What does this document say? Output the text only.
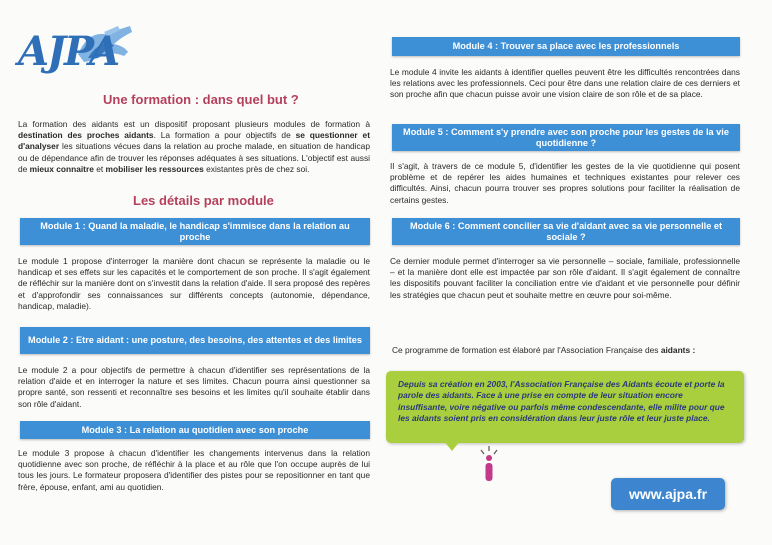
AJPA
Une formation : dans quel but ?
La formation des aidants est un dispositif proposant plusieurs modules de formation à destination des proches aidants. La formation a pour objectifs de se questionner et d'analyser les situations vécues dans la relation au proche malade, en situation de handicap ou de dépendance afin de trouver les réponses adéquates à ses situations. L'objectif est aussi de mieux connaitre et mobiliser les ressources existantes près de chez soi.
Les détails par module
Module 1 : Quand la maladie, le handicap s'immisce dans la relation au proche
Le module 1 propose d'interroger la manière dont chacun se représente la maladie ou le handicap et ses effets sur les capacités et le comportement de son proche. Il s'agit également de réfléchir sur la manière dont on s'investit dans la relation d'aide. Il sera proposé des repères et d'approfondir ses connaissances sur différents concepts (autonomie, dépendance, handicap, maladie).
Module 2 : Etre aidant : une posture, des besoins, des attentes et des limites
Le module 2 a pour objectifs de permettre à chacun d'identifier ses représentations de la relation d'aide et en interroger la nature et ses limites. Chacun pourra ainsi questionner sa propre santé, son ressenti et reconnaître ses besoins et les limites qu'il souhaite établir dans son rôle d'aidant.
Module 3 : La relation au quotidien avec son proche
Le module 3 propose à chacun d'identifier les changements intervenus dans la relation quotidienne avec son proche, de réfléchir à la place et au rôle que l'on occupe auprès de lui tous les jours. Le formateur proposera d'identifier des pistes pour se repositionner en tant que frère, épouse, enfant, ami au quotidien.
Module 4 : Trouver sa place avec les professionnels
Le module 4 invite les aidants à identifier quelles peuvent être les difficultés rencontrées dans les relations avec les professionnels. Ceci pour être dans une relation claire de ces derniers et son proche afin que chacun puisse avoir une vision claire de son rôle et de sa place.
Module 5 : Comment s'y prendre avec son proche pour les gestes de la vie quotidienne ?
Il s'agit, à travers de ce module 5, d'identifier les gestes de la vie quotidienne qui posent problème et de repérer les aides humaines et techniques existantes pour relever ces difficultés. Ainsi, chacun pourra trouver ses propres solutions pour faciliter la réalisation de certains gestes.
Module 6 : Comment concilier sa vie d'aidant avec sa vie personnelle et sociale ?
Ce dernier module permet d'interroger sa vie personnelle – sociale, familiale, professionnelle – et la manière dont elle est impactée par son rôle d'aidant. Il s'agit également de connaître les dispositifs pouvant faciliter la conciliation entre vie d'aidant et vie personnelle pour définir les stratégies que chacun peut et souhaite mettre en œuvre pour soi-même.
Ce programme de formation est élaboré par l'Association Française des aidants :
Depuis sa création en 2003, l'Association Française des Aidants écoute et porte la parole des aidants. Face à une prise en compte de leur situation encore insuffisante, voire négative ou parfois même condescendante, elle milite pour que les aidants soient pris en considération dans leur juste rôle et leur juste place.
www.ajpa.fr
